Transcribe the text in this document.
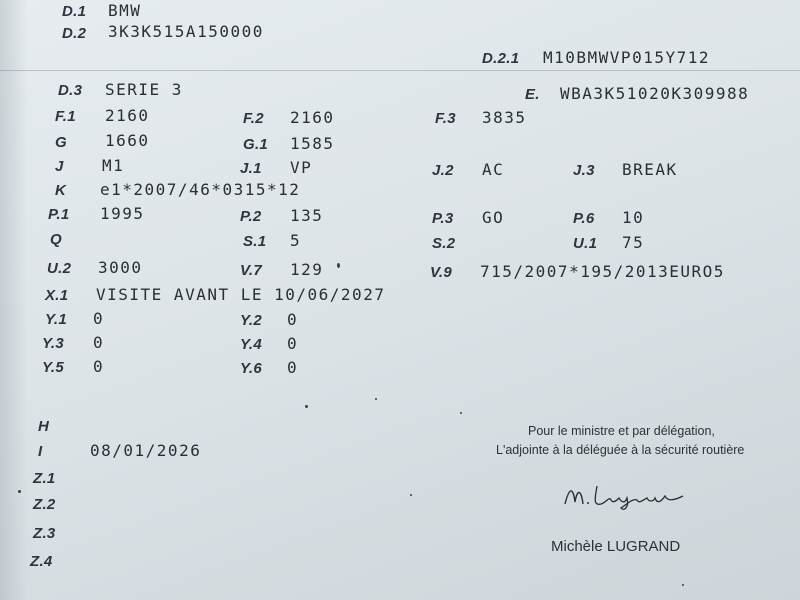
D.1 BMW
D.2 3K3K515A150000
D.2.1 M10BMWVP015Y712
D.3 SERIE 3	E. WBA3K51020K309988
F.1 2160	F.2 2160	F.3 3835
G 1660	G.1 1585
J M1	J.1 VP	J.2 AC	J.3 BREAK
K e1*2007/46*0315*12
P.1 1995	P.2 135	P.3 GO	P.6 10
Q	S.1 5	S.2	U.1 75
U.2 3000	V.7 129	V.9 715/2007*195/2013EURO5
X.1 VISITE AVANT LE 10/06/2027
Y.1 0	Y.2 0
Y.3 0	Y.4 0
Y.5 0	Y.6 0
H
I	08/01/2026
Z.1
Z.2
Z.3
Z.4
Pour le ministre et par délégation,
L'adjointe à la déléguée à la sécurité routière
Michèle LUGRAND
